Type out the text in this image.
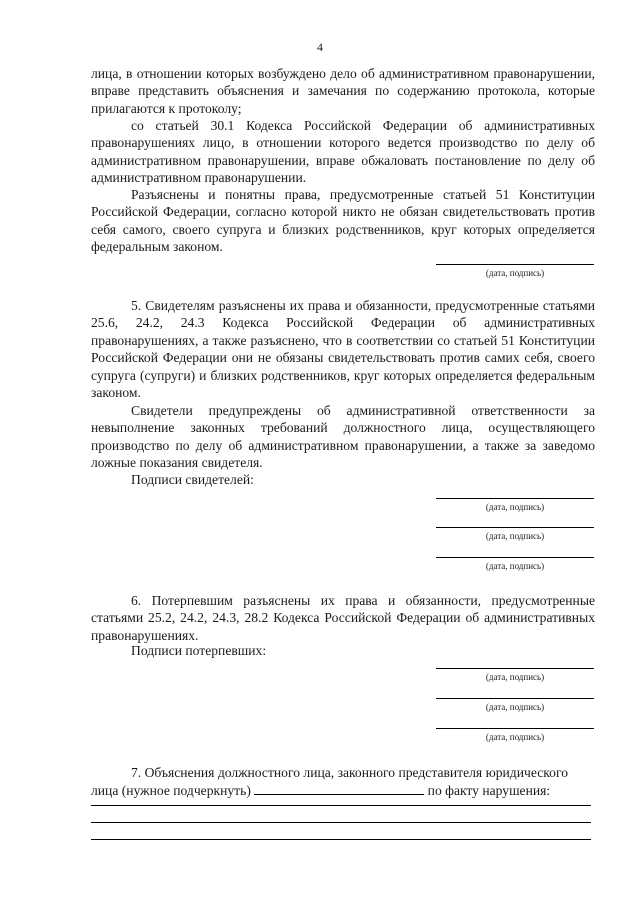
4

лица, в отношении которых возбуждено дело об административном правонарушении, вправе представить объяснения и замечания по содержанию протокола, которые прилагаются к протоколу;

со статьей 30.1 Кодекса Российской Федерации об административных правонарушениях лицо, в отношении которого ведется производство по делу об административном правонарушении, вправе обжаловать постановление по делу об административном правонарушении.

Разъяснены и понятны права, предусмотренные статьей 51 Конституции Российской Федерации, согласно которой никто не обязан свидетельствовать против себя самого, своего супруга и близких родственников, круг которых определяется федеральным законом.

(дата, подпись)

5. Свидетелям разъяснены их права и обязанности, предусмотренные статьями 25.6, 24.2, 24.3 Кодекса Российской Федерации об административных правонарушениях, а также разъяснено, что в соответствии со статьей 51 Конституции Российской Федерации они не обязаны свидетельствовать против самих себя, своего супруга (супруги) и близких родственников, круг которых определяется федеральным законом.

Свидетели предупреждены об административной ответственности за невыполнение законных требований должностного лица, осуществляющего производство по делу об административном правонарушении, а также за заведомо ложные показания свидетеля.

Подписи свидетелей:

(дата, подпись)
(дата, подпись)
(дата, подпись)

6. Потерпевшим разъяснены их права и обязанности, предусмотренные статьями 25.2, 24.2, 24.3, 28.2 Кодекса Российской Федерации об административных правонарушениях.

Подписи потерпевших:

(дата, подпись)
(дата, подпись)
(дата, подпись)

7. Объяснения должностного лица, законного представителя юридического

лица (нужное подчеркнуть)	по факту нарушения:
